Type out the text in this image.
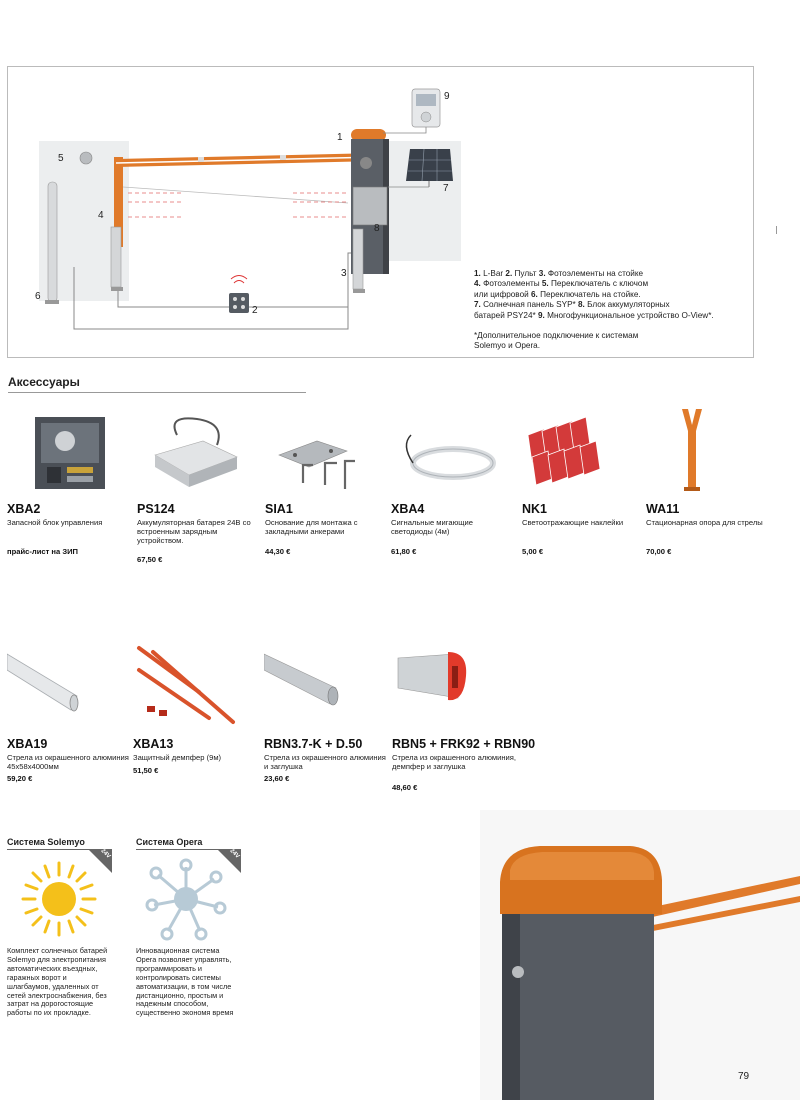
1
2
3
4
5
6
7
8
9
1. L-Bar 2. Пульт 3. Фотоэлементы на стойке
4. Фотоэлементы 5. Переключатель с ключом
или цифровой 6. Переключатель на стойке.
7. Солнечная панель SYP* 8. Блок аккумуляторных
батарей PSY24* 9. Многофункциональное устройство O-View*.
*Дополнительное подключение к системам
Solemyo и Opera.
Аксессуары
XBA2
Запасной блок управления
прайс-лист на ЗИП
PS124
Аккумуляторная батарея 24В со встроенным зарядным устройством.
67,50 €
SIA1
Основание для монтажа с закладными анкерами
44,30 €
XBA4
Сигнальные мигающие светодиоды (4м)
61,80 €
NK1
Светоотражающие наклейки
5,00 €
WA11
Стационарная опора для стрелы
70,00 €
XBA19
Стрела из окрашенного алюминия 45x58x4000мм
59,20 €
XBA13
Защитный демпфер (9м)
51,50 €
RBN3.7-K + D.50
Стрела из окрашенного алюминия и заглушка
23,60 €
RBN5 + FRK92 + RBN90
Стрела из окрашенного алюминия, демпфер и заглушка
48,60 €
Система Solemyo
24V
Комплект солнечных батарей Solemyo для электропитания автоматических въездных, гаражных ворот и шлагбаумов, удаленных от сетей электроснабжения, без затрат на дорогостоящие работы по их прокладке.
Система Opera
24V
Инновационная система Opera позволяет управлять, программировать и контролировать системы автоматизации, в том числе дистанционно, простым и надежным способом, существенно экономя время
79
